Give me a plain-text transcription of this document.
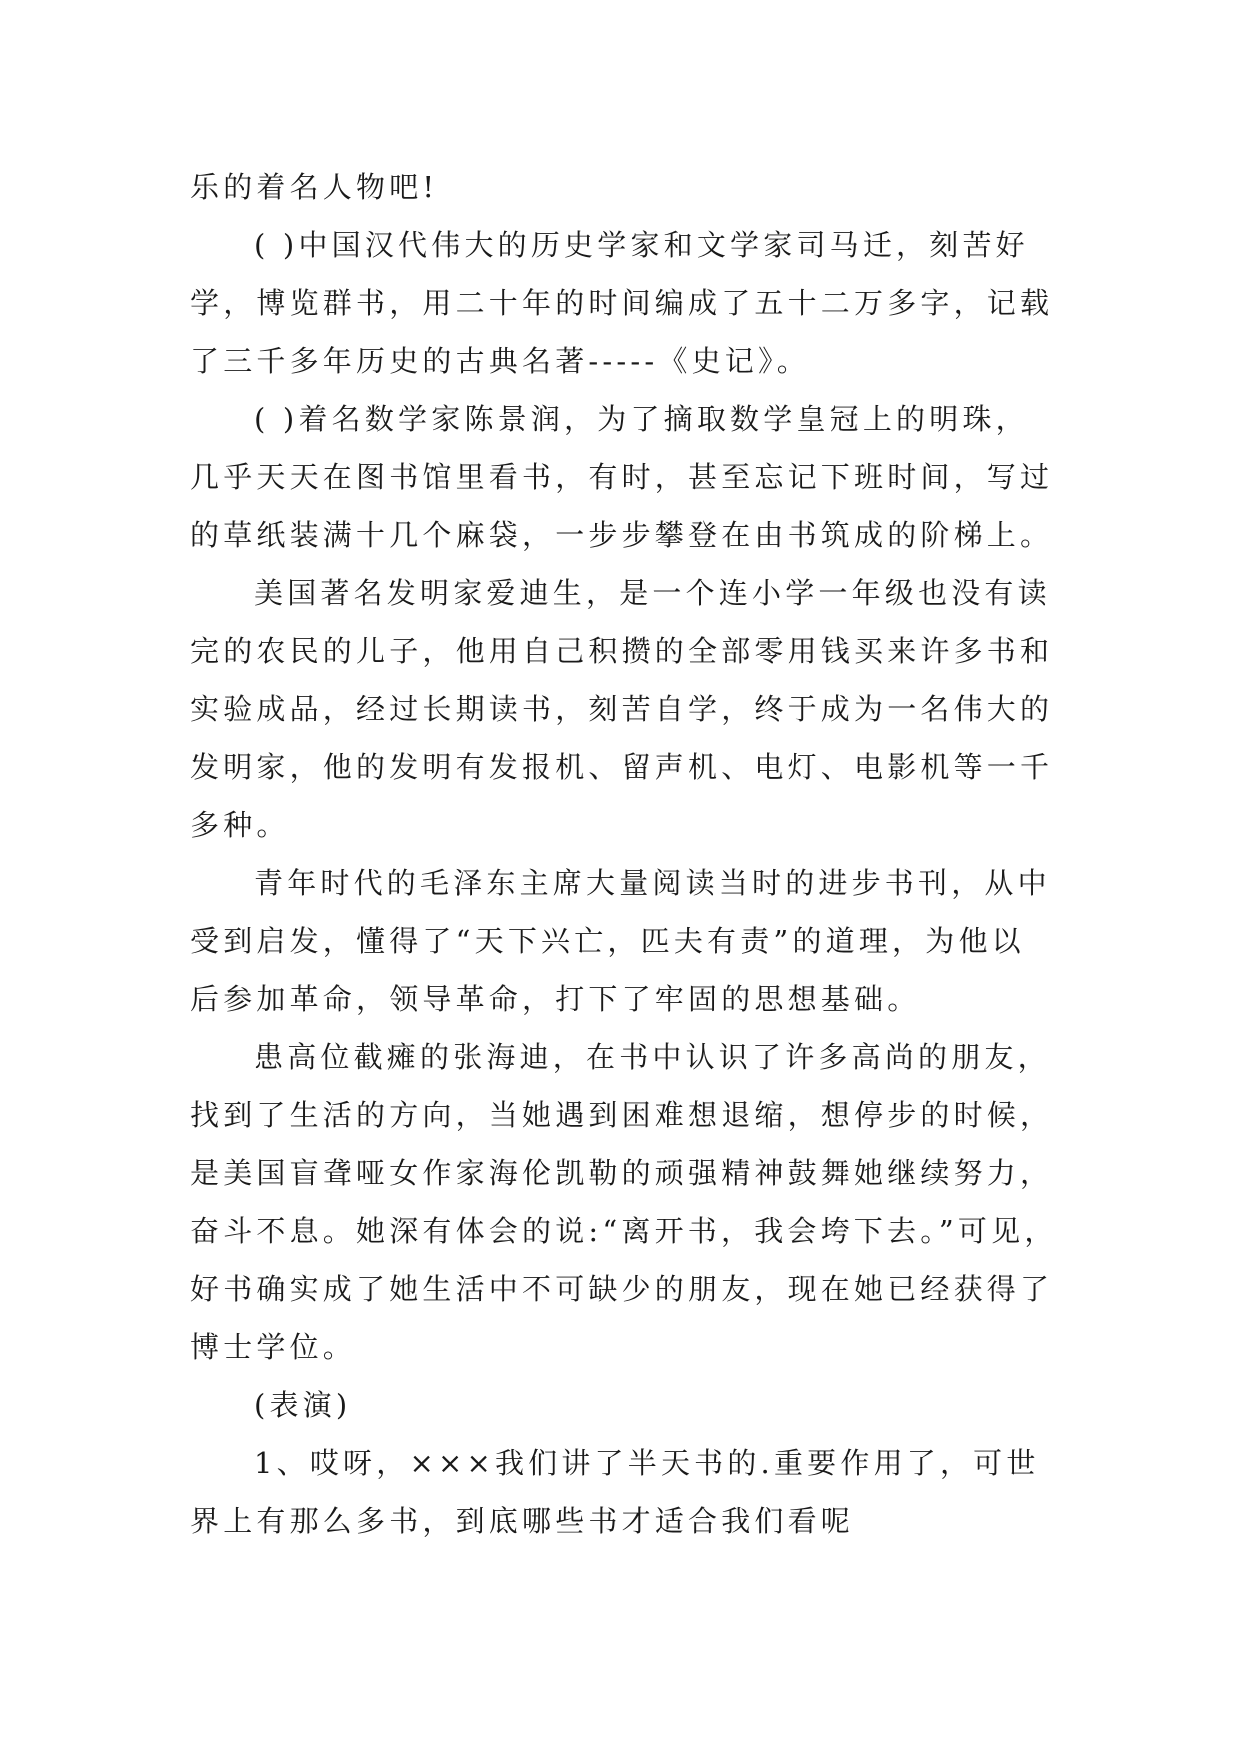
乐的着名人物吧!
( )中国汉代伟大的历史学家和文学家司马迁，刻苦好
学，博览群书，用二十年的时间编成了五十二万多字，记载
了三千多年历史的古典名著-----《史记》。
( )着名数学家陈景润，为了摘取数学皇冠上的明珠，
几乎天天在图书馆里看书，有时，甚至忘记下班时间，写过
的草纸装满十几个麻袋，一步步攀登在由书筑成的阶梯上。
美国著名发明家爱迪生，是一个连小学一年级也没有读
完的农民的儿子，他用自己积攒的全部零用钱买来许多书和
实验成品，经过长期读书，刻苦自学，终于成为一名伟大的
发明家，他的发明有发报机、留声机、电灯、电影机等一千
多种。
青年时代的毛泽东主席大量阅读当时的进步书刊，从中
受到启发，懂得了“天下兴亡，匹夫有责”的道理，为他以
后参加革命，领导革命，打下了牢固的思想基础。
患高位截瘫的张海迪，在书中认识了许多高尚的朋友，
找到了生活的方向，当她遇到困难想退缩，想停步的时候，
是美国盲聋哑女作家海伦凯勒的顽强精神鼓舞她继续努力，
奋斗不息。她深有体会的说:“离开书，我会垮下去。”可见，
好书确实成了她生活中不可缺少的朋友，现在她已经获得了
博士学位。
(表演)
1、哎呀，×××我们讲了半天书的.重要作用了，可世
界上有那么多书，到底哪些书才适合我们看呢
